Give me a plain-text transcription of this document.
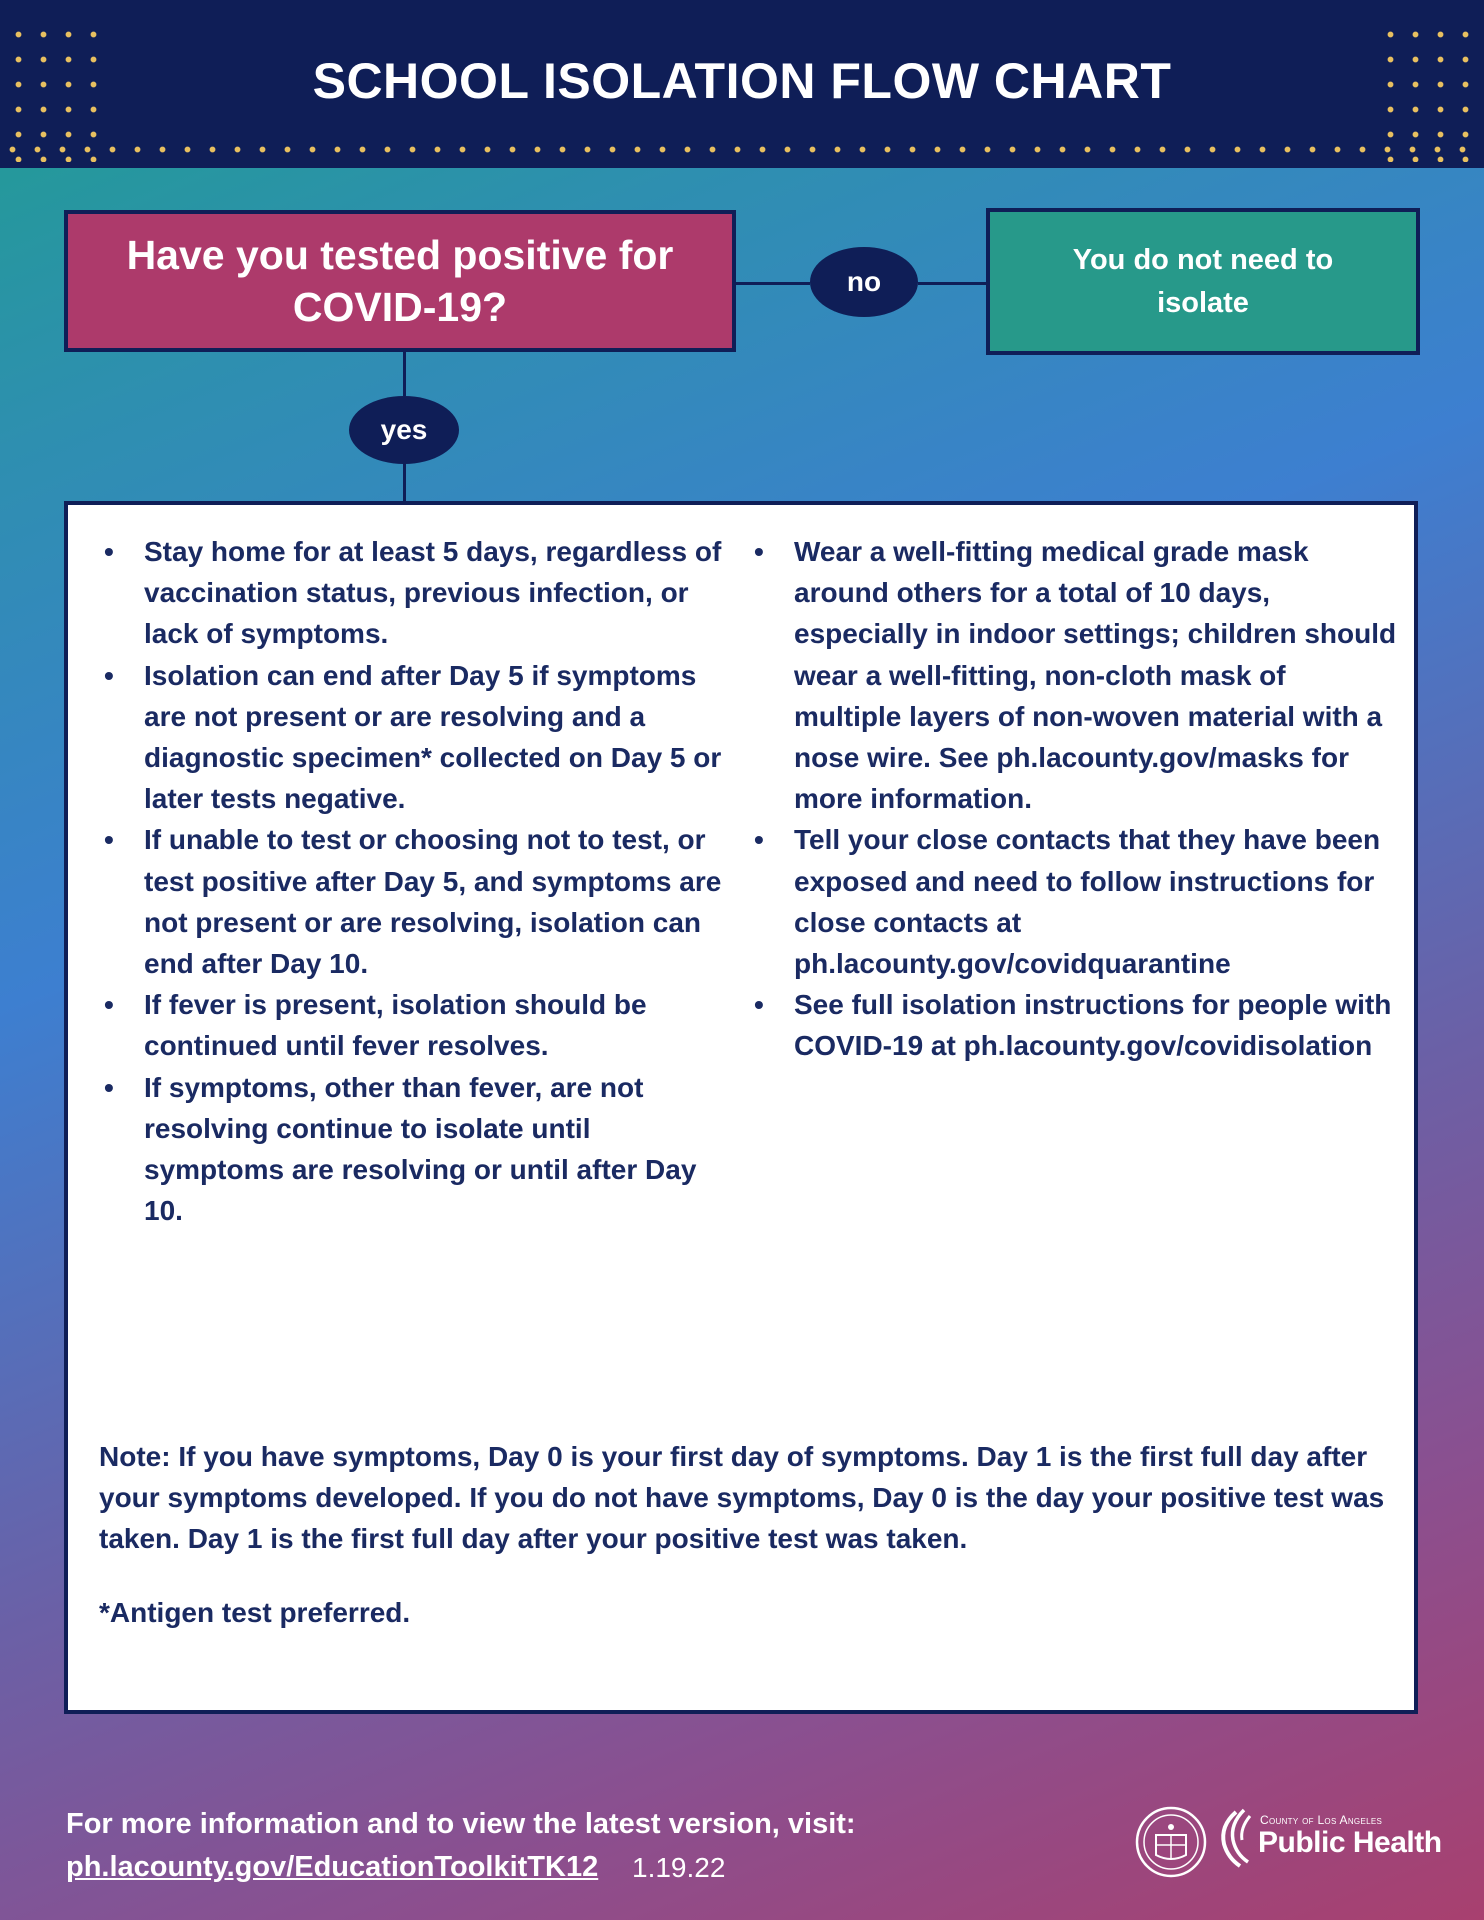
SCHOOL ISOLATION FLOW CHART
Have you tested positive for COVID-19?
no
You do not need to isolate
yes
• Stay home for at least 5 days, regardless of vaccination status, previous infection, or lack of symptoms.
• Isolation can end after Day 5 if symptoms are not present or are resolving and a diagnostic specimen* collected on Day 5 or later tests negative.
• If unable to test or choosing not to test, or test positive after Day 5, and symptoms are not present or are resolving, isolation can end after Day 10.
• If fever is present, isolation should be continued until fever resolves.
• If symptoms, other than fever, are not resolving continue to isolate until symptoms are resolving or until after Day 10.
• Wear a well-fitting medical grade mask around others for a total of 10 days, especially in indoor settings; children should wear a well-fitting, non-cloth mask of multiple layers of non-woven material with a nose wire. See ph.lacounty.gov/masks for more information.
• Tell your close contacts that they have been exposed and need to follow instructions for close contacts at ph.lacounty.gov/covidquarantine
• See full isolation instructions for people with COVID-19 at ph.lacounty.gov/covidisolation
Note: If you have symptoms, Day 0 is your first day of symptoms. Day 1 is the first full day after your symptoms developed. If you do not have symptoms, Day 0 is the day your positive test was taken. Day 1 is the first full day after your positive test was taken.
*Antigen test preferred.
For more information and to view the latest version, visit:
ph.lacounty.gov/EducationToolkitTK12 1.19.22
County of Los Angeles
Public Health
